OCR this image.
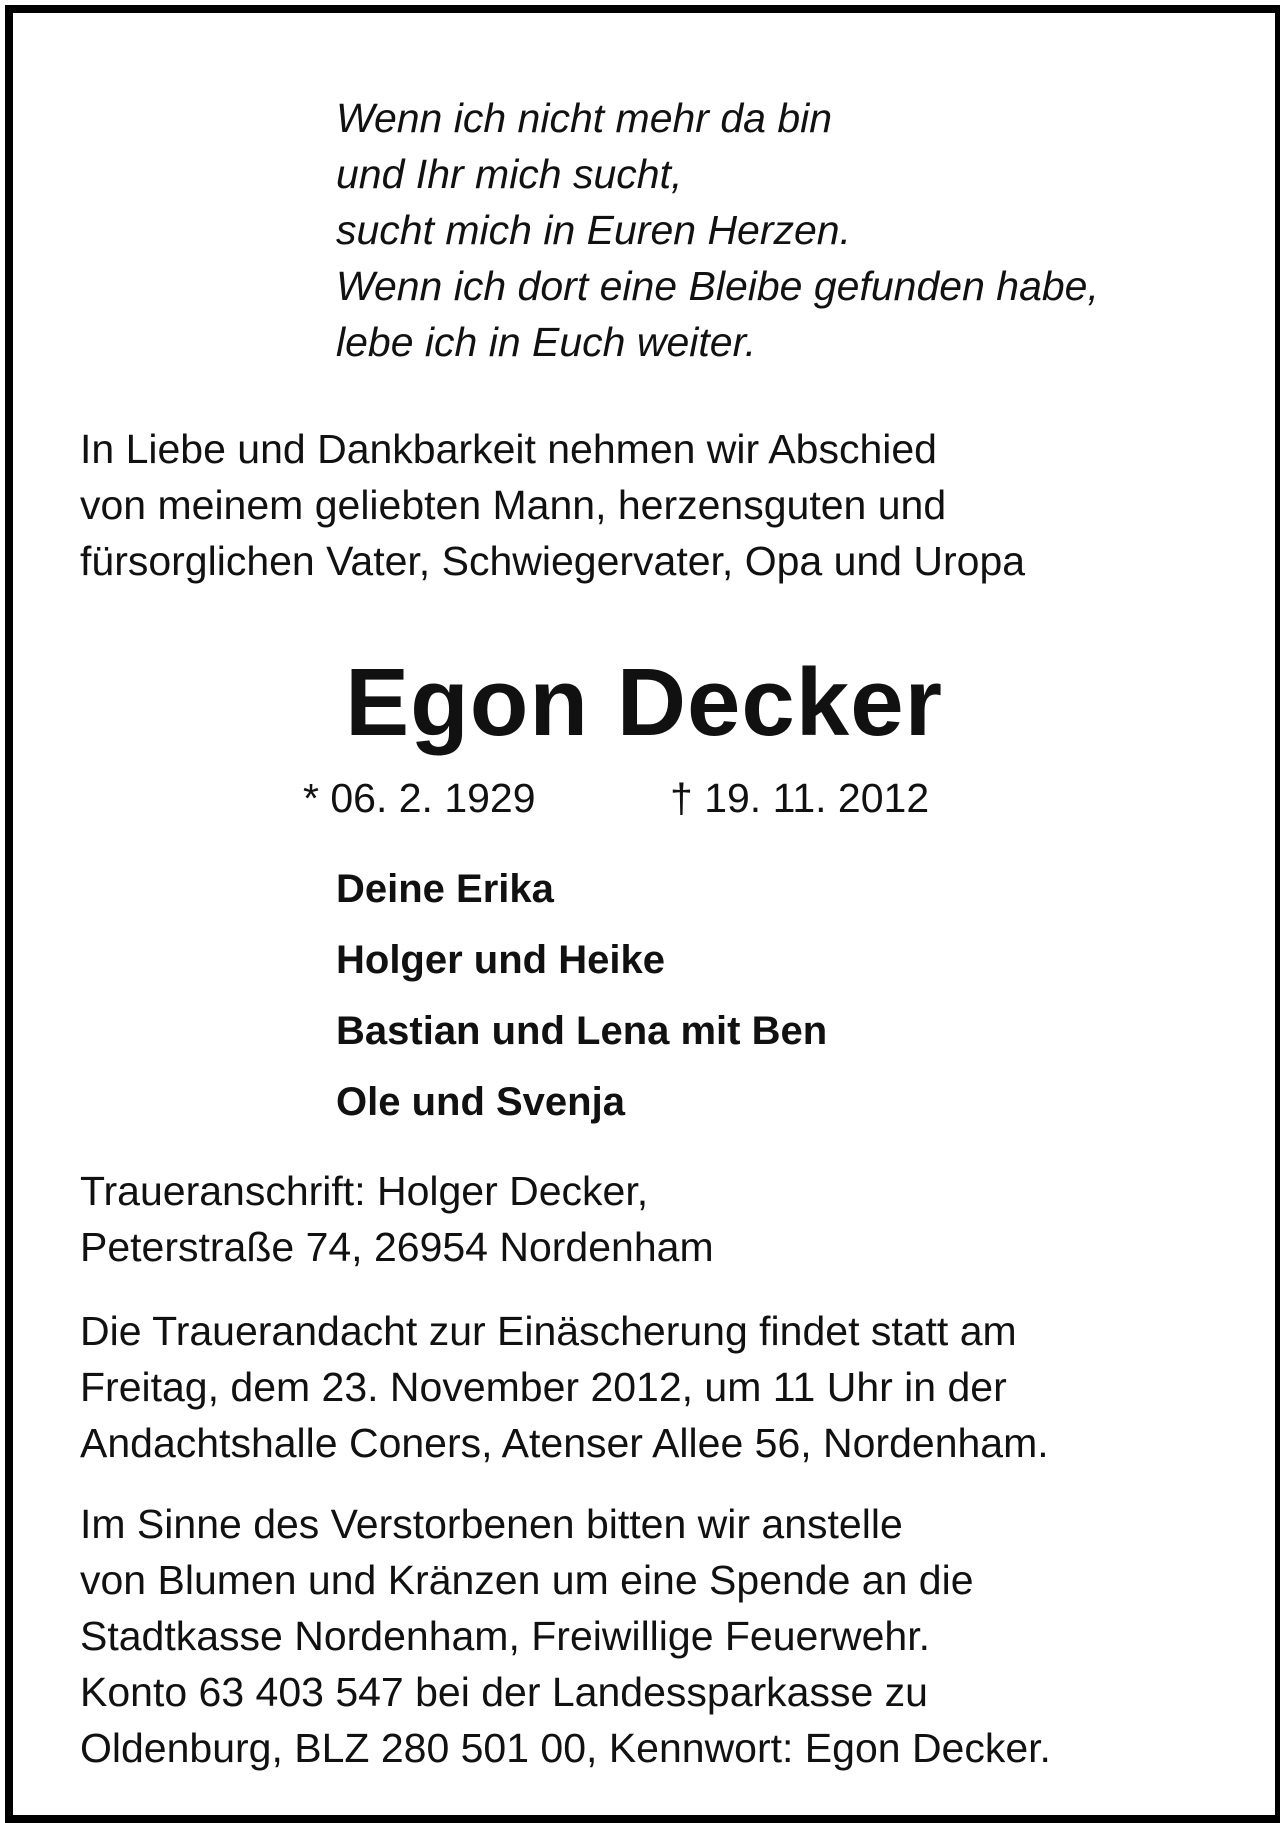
Wenn ich nicht mehr da bin
und Ihr mich sucht,
sucht mich in Euren Herzen.
Wenn ich dort eine Bleibe gefunden habe,
lebe ich in Euch weiter.
In Liebe und Dankbarkeit nehmen wir Abschied
von meinem geliebten Mann, herzensguten und
fürsorglichen Vater, Schwiegervater, Opa und Uropa
Egon Decker
* 06. 2. 1929	† 19. 11. 2012
Deine Erika
Holger und Heike
Bastian und Lena mit Ben
Ole und Svenja
Traueranschrift: Holger Decker,
Peterstraße 74, 26954 Nordenham
Die Trauerandacht zur Einäscherung findet statt am
Freitag, dem 23. November 2012, um 11 Uhr in der
Andachtshalle Coners, Atenser Allee 56, Nordenham.
Im Sinne des Verstorbenen bitten wir anstelle
von Blumen und Kränzen um eine Spende an die
Stadtkasse Nordenham, Freiwillige Feuerwehr.
Konto 63 403 547 bei der Landessparkasse zu
Oldenburg, BLZ 280 501 00, Kennwort: Egon Decker.
